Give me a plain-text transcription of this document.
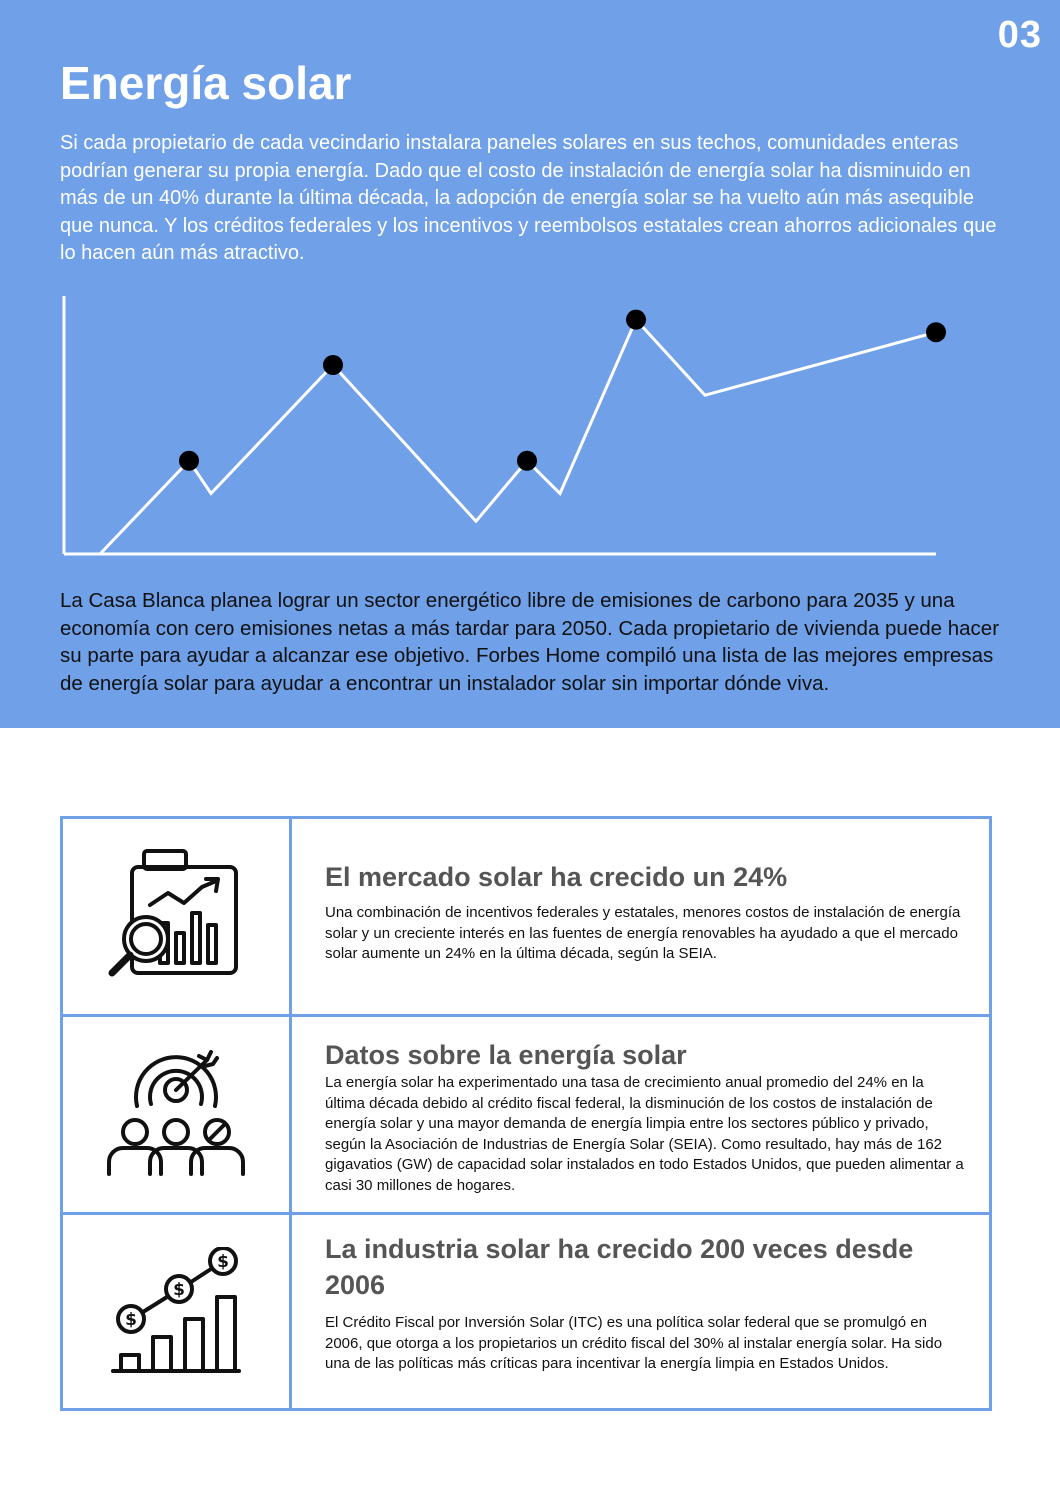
03
Energía solar

Si cada propietario de cada vecindario instalara paneles solares en sus techos, comunidades enteras podrían generar su propia energía. Dado que el costo de instalación de energía solar ha disminuido en más de un 40% durante la última década, la adopción de energía solar se ha vuelto aún más asequible que nunca. Y los créditos federales y los incentivos y reembolsos estatales crean ahorros adicionales que lo hacen aún más atractivo.

La Casa Blanca planea lograr un sector energético libre de emisiones de carbono para 2035 y una economía con cero emisiones netas a más tardar para 2050. Cada propietario de vivienda puede hacer su parte para ayudar a alcanzar ese objetivo. Forbes Home compiló una lista de las mejores empresas de energía solar para ayudar a encontrar un instalador solar sin importar dónde viva.

El mercado solar ha crecido un 24%

Una combinación de incentivos federales y estatales, menores costos de instalación de energía solar y un creciente interés en las fuentes de energía renovables ha ayudado a que el mercado solar aumente un 24% en la última década, según la SEIA.

Datos sobre la energía solar

La energía solar ha experimentado una tasa de crecimiento anual promedio del 24% en la última década debido al crédito fiscal federal, la disminución de los costos de instalación de energía solar y una mayor demanda de energía limpia entre los sectores público y privado, según la Asociación de Industrias de Energía Solar (SEIA). Como resultado, hay más de 162 gigavatios (GW) de capacidad solar instalados en todo Estados Unidos, que pueden alimentar a casi 30 millones de hogares.

$
$
$	La industria solar ha crecido 200 veces desde 2006

El Crédito Fiscal por Inversión Solar (ITC) es una política solar federal que se promulgó en 2006, que otorga a los propietarios un crédito fiscal del 30% al instalar energía solar. Ha sido una de las políticas más críticas para incentivar la energía limpia en Estados Unidos.
